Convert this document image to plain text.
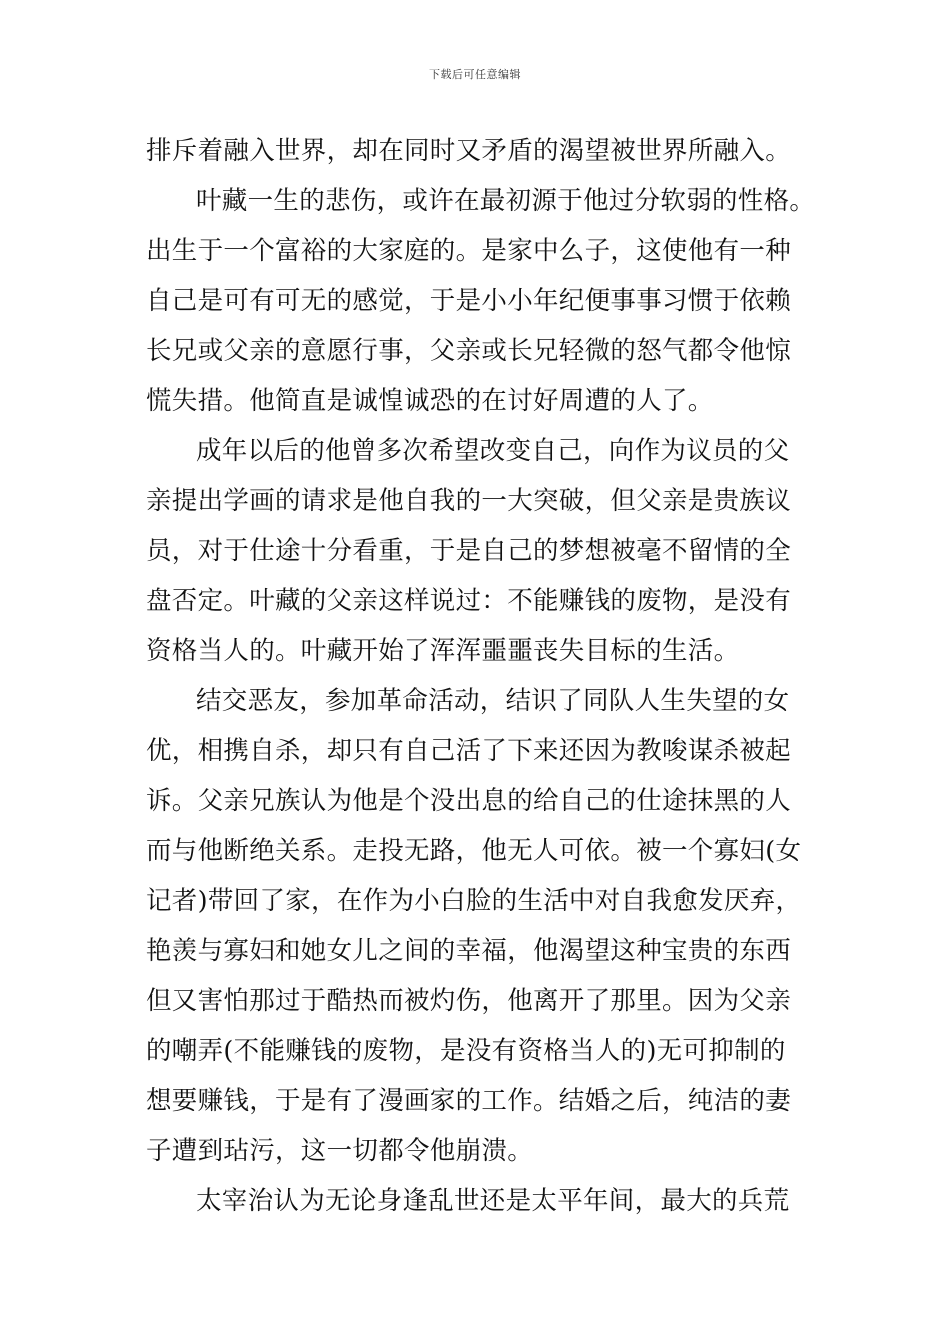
下载后可任意编辑
排斥着融入世界，却在同时又矛盾的渴望被世界所融入。
叶藏一生的悲伤，或许在最初源于他过分软弱的性格。
出生于一个富裕的大家庭的。是家中么子，这使他有一种
自己是可有可无的感觉，于是小小年纪便事事习惯于依赖
长兄或父亲的意愿行事，父亲或长兄轻微的怒气都令他惊
慌失措。他简直是诚惶诚恐的在讨好周遭的人了。
成年以后的他曾多次希望改变自己，向作为议员的父
亲提出学画的请求是他自我的一大突破，但父亲是贵族议
员，对于仕途十分看重，于是自己的梦想被毫不留情的全
盘否定。叶藏的父亲这样说过：不能赚钱的废物，是没有
资格当人的。叶藏开始了浑浑噩噩丧失目标的生活。
结交恶友，参加革命活动，结识了同队人生失望的女
优，相携自杀，却只有自己活了下来还因为教唆谋杀被起
诉。父亲兄族认为他是个没出息的给自己的仕途抹黑的人
而与他断绝关系。走投无路，他无人可依。被一个寡妇(女
记者)带回了家，在作为小白脸的生活中对自我愈发厌弃，
艳羡与寡妇和她女儿之间的幸福，他渴望这种宝贵的东西
但又害怕那过于酷热而被灼伤，他离开了那里。因为父亲
的嘲弄(不能赚钱的废物，是没有资格当人的)无可抑制的
想要赚钱，于是有了漫画家的工作。结婚之后，纯洁的妻
子遭到玷污，这一切都令他崩溃。
太宰治认为无论身逢乱世还是太平年间，最大的兵荒
